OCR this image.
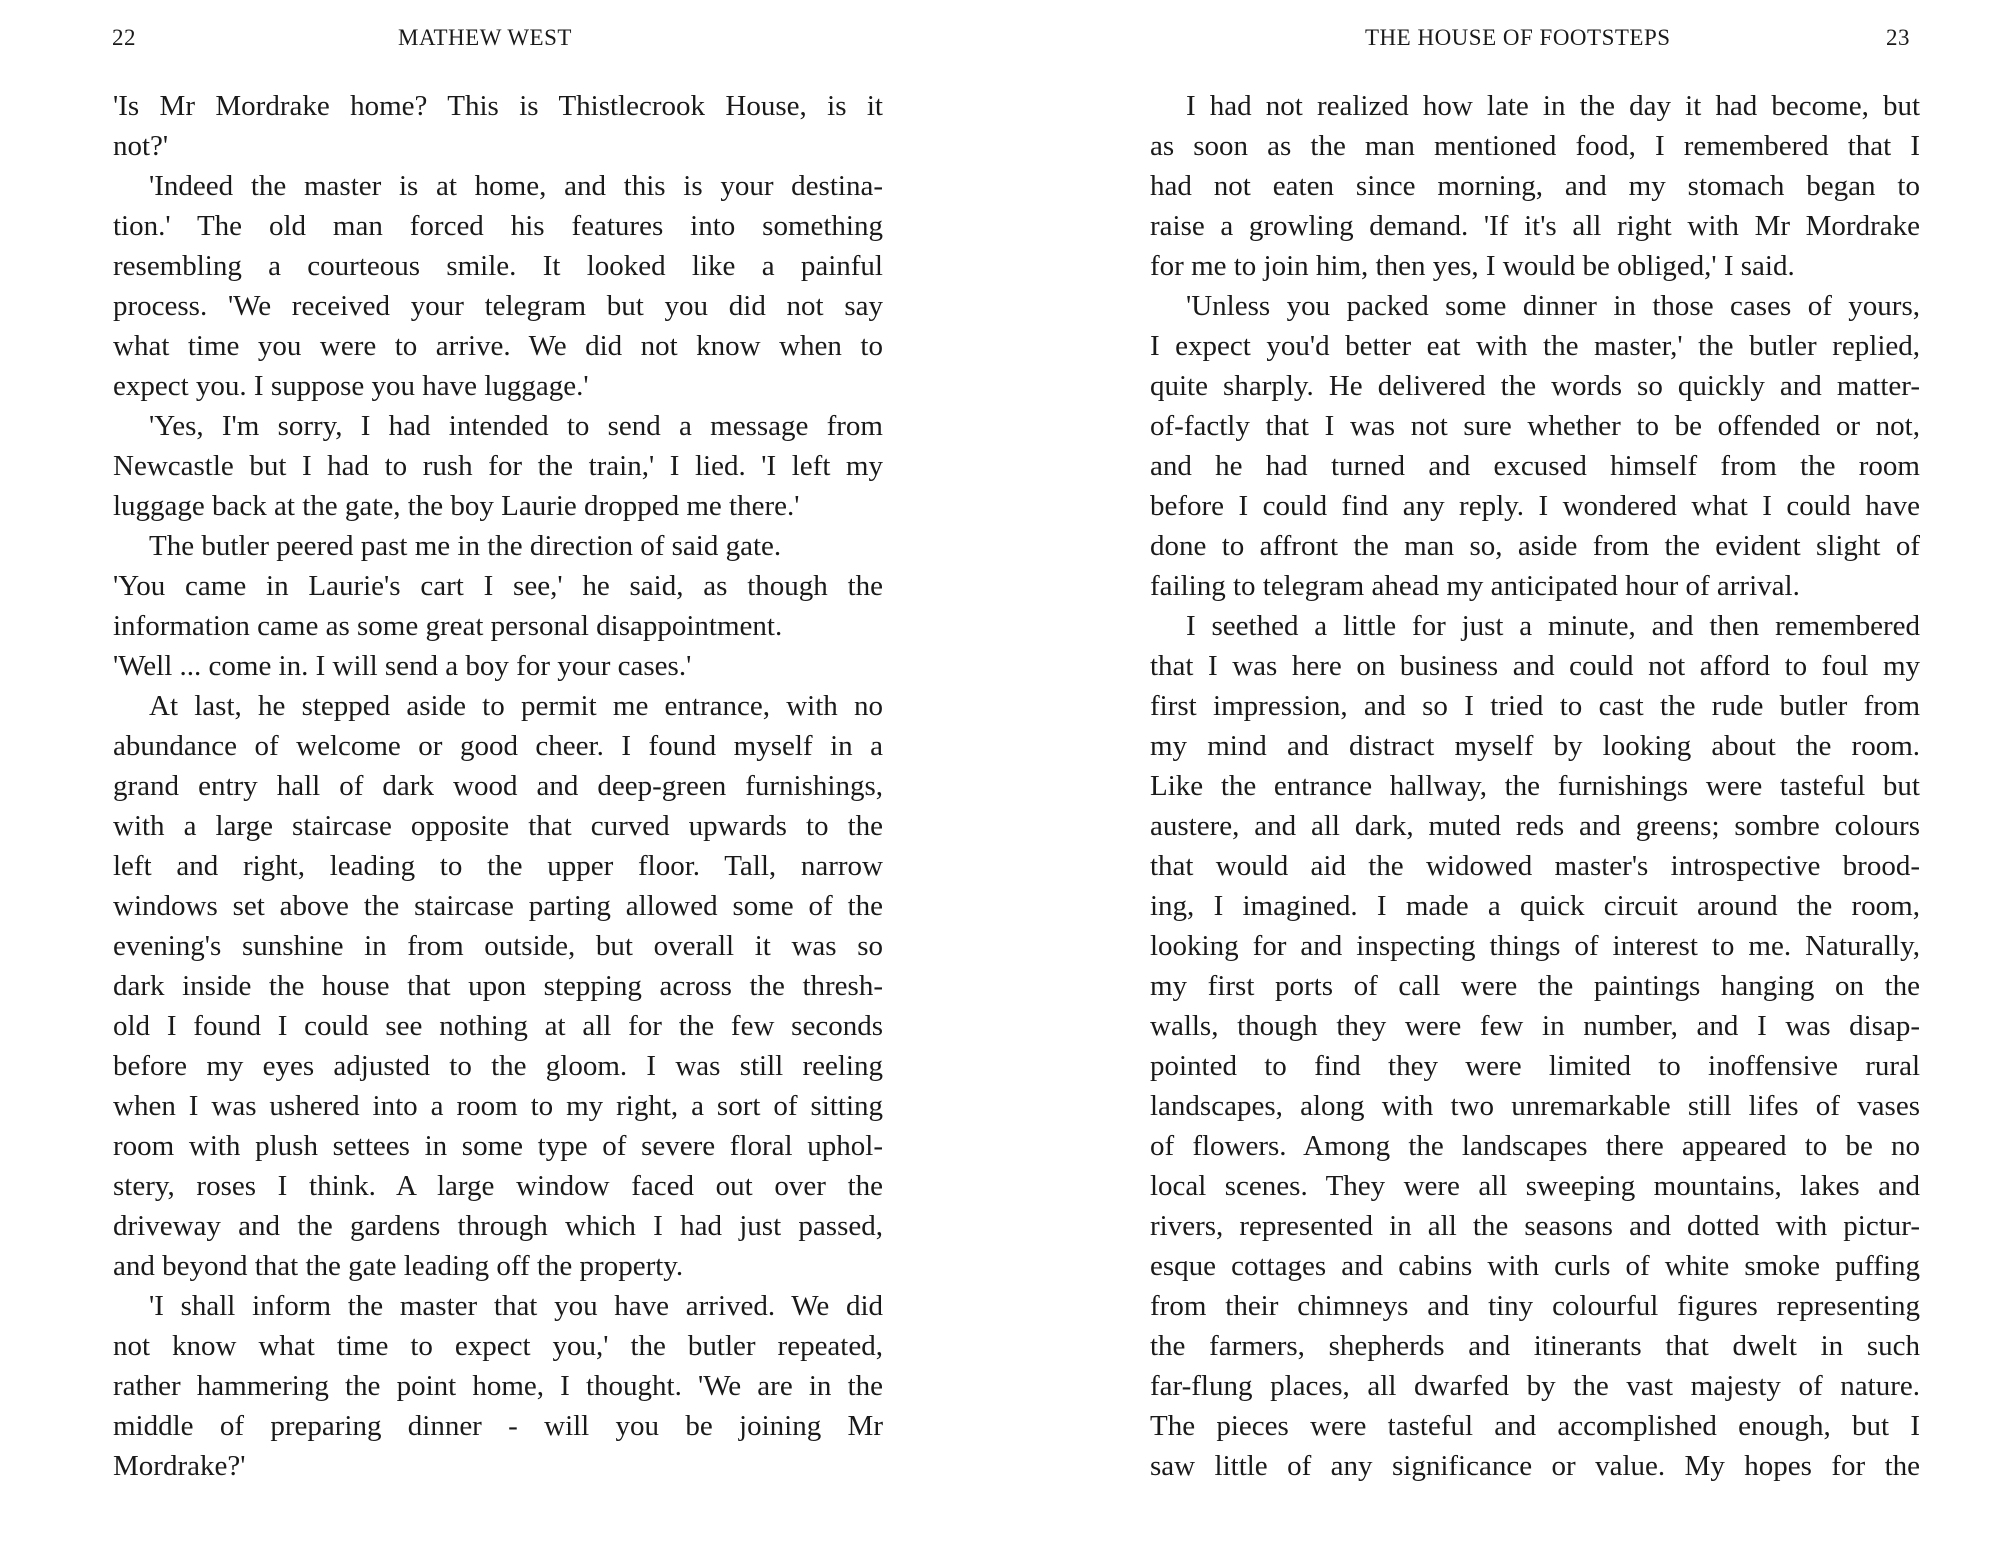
22	MATHEW WEST
'Is Mr Mordrake home? This is Thistlecrook House, is it
not?'
'Indeed the master is at home, and this is your destina-
tion.' The old man forced his features into something
resembling a courteous smile. It looked like a painful
process. 'We received your telegram but you did not say
what time you were to arrive. We did not know when to
expect you. I suppose you have luggage.'
'Yes, I'm sorry, I had intended to send a message from
Newcastle but I had to rush for the train,' I lied. 'I left my
luggage back at the gate, the boy Laurie dropped me there.'
The butler peered past me in the direction of said gate.
'You came in Laurie's cart I see,' he said, as though the
information came as some great personal disappointment.
'Well ... come in. I will send a boy for your cases.'
At last, he stepped aside to permit me entrance, with no
abundance of welcome or good cheer. I found myself in a
grand entry hall of dark wood and deep-green furnishings,
with a large staircase opposite that curved upwards to the
left and right, leading to the upper floor. Tall, narrow
windows set above the staircase parting allowed some of the
evening's sunshine in from outside, but overall it was so
dark inside the house that upon stepping across the thresh-
old I found I could see nothing at all for the few seconds
before my eyes adjusted to the gloom. I was still reeling
when I was ushered into a room to my right, a sort of sitting
room with plush settees in some type of severe floral uphol-
stery, roses I think. A large window faced out over the
driveway and the gardens through which I had just passed,
and beyond that the gate leading off the property.
'I shall inform the master that you have arrived. We did
not know what time to expect you,' the butler repeated,
rather hammering the point home, I thought. 'We are in the
middle of preparing dinner - will you be joining Mr
Mordrake?'
THE HOUSE OF FOOTSTEPS	23
I had not realized how late in the day it had become, but
as soon as the man mentioned food, I remembered that I
had not eaten since morning, and my stomach began to
raise a growling demand. 'If it's all right with Mr Mordrake
for me to join him, then yes, I would be obliged,' I said.
'Unless you packed some dinner in those cases of yours,
I expect you'd better eat with the master,' the butler replied,
quite sharply. He delivered the words so quickly and matter-
of-factly that I was not sure whether to be offended or not,
and he had turned and excused himself from the room
before I could find any reply. I wondered what I could have
done to affront the man so, aside from the evident slight of
failing to telegram ahead my anticipated hour of arrival.
I seethed a little for just a minute, and then remembered
that I was here on business and could not afford to foul my
first impression, and so I tried to cast the rude butler from
my mind and distract myself by looking about the room.
Like the entrance hallway, the furnishings were tasteful but
austere, and all dark, muted reds and greens; sombre colours
that would aid the widowed master's introspective brood-
ing, I imagined. I made a quick circuit around the room,
looking for and inspecting things of interest to me. Naturally,
my first ports of call were the paintings hanging on the
walls, though they were few in number, and I was disap-
pointed to find they were limited to inoffensive rural
landscapes, along with two unremarkable still lifes of vases
of flowers. Among the landscapes there appeared to be no
local scenes. They were all sweeping mountains, lakes and
rivers, represented in all the seasons and dotted with pictur-
esque cottages and cabins with curls of white smoke puffing
from their chimneys and tiny colourful figures representing
the farmers, shepherds and itinerants that dwelt in such
far-flung places, all dwarfed by the vast majesty of nature.
The pieces were tasteful and accomplished enough, but I
saw little of any significance or value. My hopes for the
